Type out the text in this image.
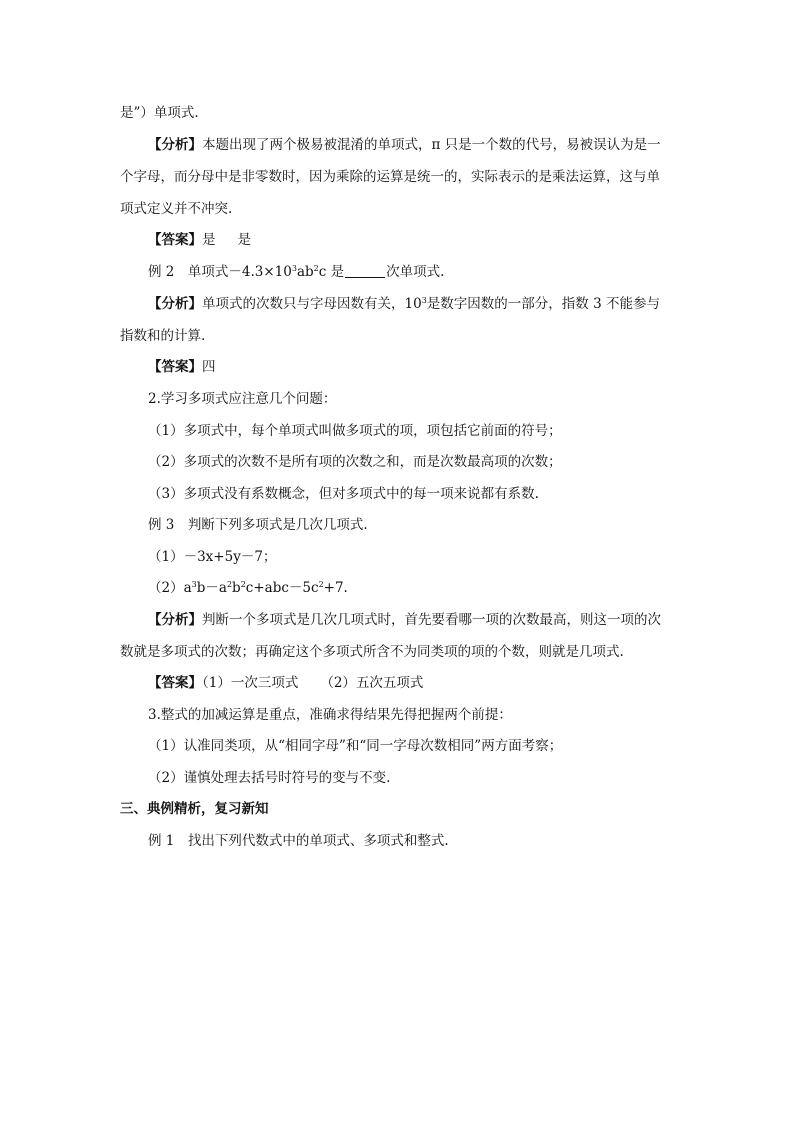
是”）单项式.
【分析】本题出现了两个极易被混淆的单项式，π 只是一个数的代号，易被误认为是一
个字母，而分母中是非零数时，因为乘除的运算是统一的，实际表示的是乘法运算，这与单
项式定义并不冲突.
【答案】是 是
例 2　单项式$-4.3\times 10^3ab^2c$ 是	次单项式.
【分析】单项式的次数只与字母因数有关，$10^3$是数字因数的一部分，指数 3 不能参与
指数和的计算.
【答案】四
2.学习多项式应注意几个问题：
（1）多项式中，每个单项式叫做多项式的项，项包括它前面的符号；
（2）多项式的次数不是所有项的次数之和，而是次数最高项的次数；
（3）多项式没有系数概念，但对多项式中的每一项来说都有系数.
例 3　判断下列多项式是几次几项式.
（1）－3x+5y－7；
$(2)a^3b-a^2b^2c+abc-5c^2+7$.
【分析】判断一个多项式是几次几项式时，首先要看哪一项的次数最高，则这一项的次
数就是多项式的次数；再确定这个多项式所含不为同类项的项的个数，则就是几项式.
【答案】（1）一次三项式 （2）五次五项式
3.整式的加减运算是重点，准确求得结果先得把握两个前提：
（1）认准同类项，从“相同字母”和“同一字母次数相同”两方面考察；
（2）谨慎处理去括号时符号的变与不变.
三、典例精析，复习新知
例 1　找出下列代数式中的单项式、多项式和整式.
